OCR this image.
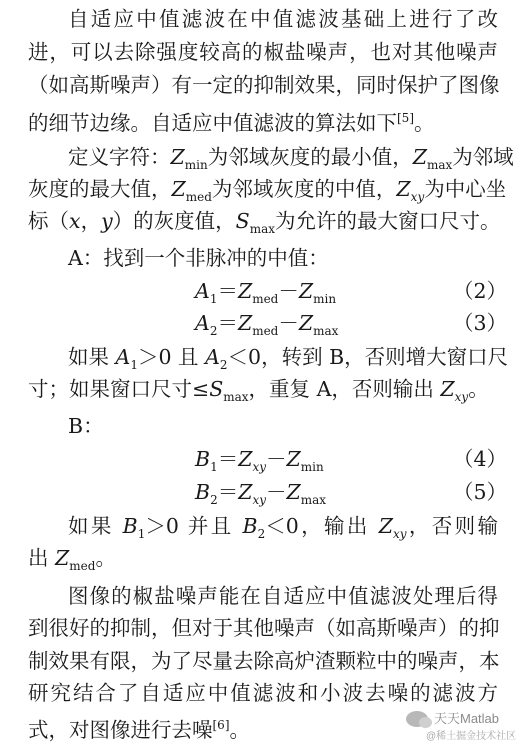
自适应中值滤波在中值滤波基础上进行了改
进，可以去除强度较高的椒盐噪声，也对其他噪声
（如高斯噪声）有一定的抑制效果，同时保护了图像
的细节边缘。自适应中值滤波的算法如下[5]。
定义字符：$Z_{min}$为邻域灰度的最小值，$Z_{max}$为邻域
灰度的最大值，$Z_{med}$为邻域灰度的中值，$Z_{xy}$为中心坐
标（x，y）的灰度值，$S_{max}$为允许的最大窗口尺寸。
A：找到一个非脉冲的中值：
$A_1=Z_{med}-Z_{min}$	（2）
$A_2=Z_{med}-Z_{max}$	（3）
如果 $A_1>0$ 且 $A_2<0$，转到 B，否则增大窗口尺
寸；如果窗口尺寸$\le S_{max}$，重复 A，否则输出 $Z_{xy}$。
B：
$B_1=Z_{xy}-Z_{min}$	（4）
$B_2=Z_{xy}-Z_{max}$	（5）
如果 $B_1>0$ 并且 $B_2<0$，输出 $Z_{xy}$，否则输
出 $Z_{med}$。
图像的椒盐噪声能在自适应中值滤波处理后得
到很好的抑制，但对于其他噪声（如高斯噪声）的抑
制效果有限，为了尽量去除高炉渣颗粒中的噪声，本
研究结合了自适应中值滤波和小波去噪的滤波方
式，对图像进行去噪[6]。	天天Matlab
@稀土掘金技术社区
